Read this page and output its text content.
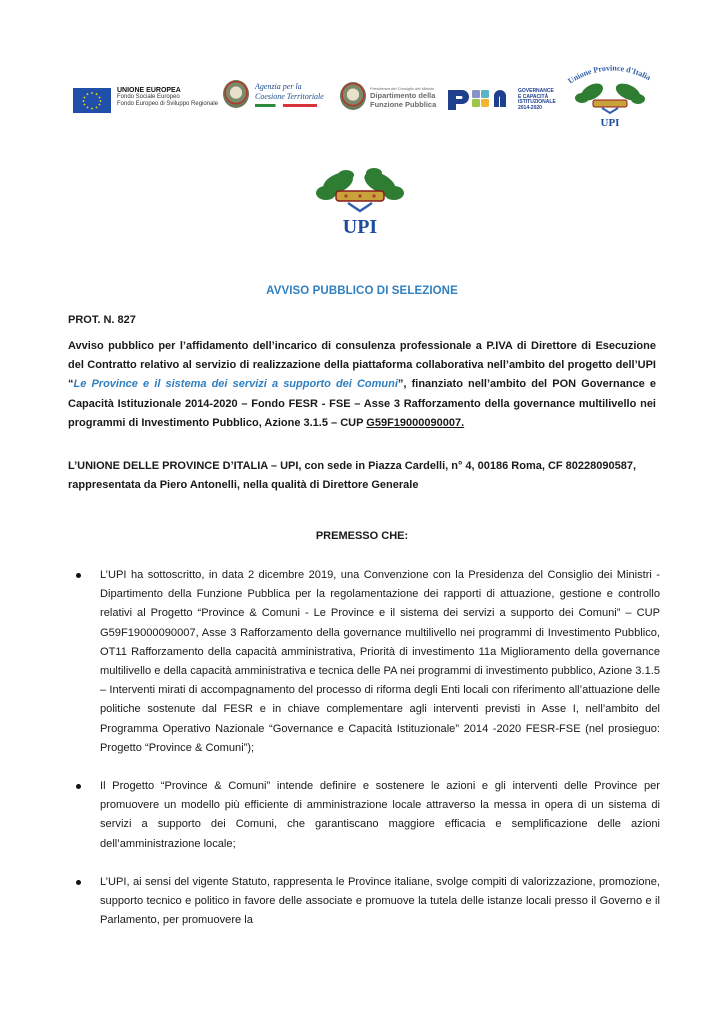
UNIONE EUROPEA
Fondo Sociale Europeo
Fondo Europeo di Sviluppo Regionale
Agenzia per la
Coesione Territoriale
Presidenza del Consiglio dei Ministri
Dipartimento della
Funzione Pubblica
GOVERNANCE
E CAPACITÀ
ISTITUZIONALE
2014-2020
Unione Province d'Italia
UPI
UPI
AVVISO PUBBLICO DI SELEZIONE
PROT. N. 827
Avviso pubblico per l’affidamento dell’incarico di consulenza professionale a P.IVA di Direttore di Esecuzione del Contratto relativo al servizio di realizzazione della piattaforma collaborativa nell’ambito del progetto dell’UPI “Le Province e il sistema dei servizi a supporto dei Comuni”, finanziato nell’ambito del PON Governance e Capacità Istituzionale 2014-2020 – Fondo FESR - FSE – Asse 3 Rafforzamento della governance multilivello nei programmi di Investimento Pubblico, Azione 3.1.5 – CUP G59F19000090007.
L’UNIONE DELLE PROVINCE D’ITALIA – UPI, con sede in Piazza Cardelli, n° 4, 00186 Roma, CF 80228090587, rappresentata da Piero Antonelli, nella qualità di Direttore Generale
PREMESSO CHE:
L’UPI ha sottoscritto, in data 2 dicembre 2019, una Convenzione con la Presidenza del Consiglio dei Ministri - Dipartimento della Funzione Pubblica per la regolamentazione dei rapporti di attuazione, gestione e controllo relativi al Progetto “Province & Comuni - Le Province e il sistema dei servizi a supporto dei Comuni” – CUP G59F19000090007, Asse 3 Rafforzamento della governance multilivello nei programmi di Investimento Pubblico, OT11 Rafforzamento della capacità amministrativa, Priorità di investimento 11a Miglioramento della governance multilivello e della capacità amministrativa e tecnica delle PA nei programmi di investimento pubblico, Azione 3.1.5 – Interventi mirati di accompagnamento del processo di riforma degli Enti locali con riferimento all’attuazione delle politiche sostenute dal FESR e in chiave complementare agli interventi previsti in Asse I, nell’ambito del Programma Operativo Nazionale “Governance e Capacità Istituzionale” 2014 -2020 FESR-FSE (nel prosieguo: Progetto “Province & Comuni”);
Il Progetto “Province & Comuni” intende definire e sostenere le azioni e gli interventi delle Province per promuovere un modello più efficiente di amministrazione locale attraverso la messa in opera di un sistema di servizi a supporto dei Comuni, che garantiscano maggiore efficacia e semplificazione delle azioni dell’amministrazione locale;
L’UPI, ai sensi del vigente Statuto, rappresenta le Province italiane, svolge compiti di valorizzazione, promozione, supporto tecnico e politico in favore delle associate e promuove la tutela delle istanze locali presso il Governo e il Parlamento, per promuovere la
